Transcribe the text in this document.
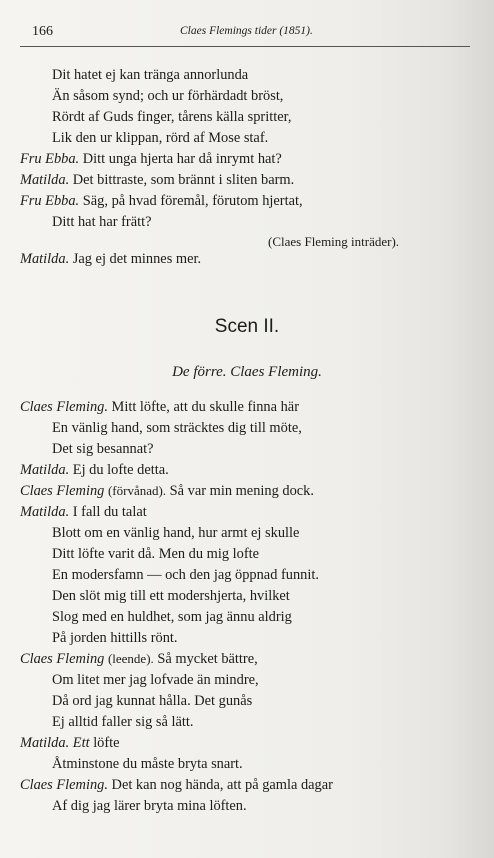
166	Claes Flemings tider (1851).
Dit hatet ej kan tränga annorlunda
Än såsom synd; och ur förhärdadt bröst,
Rördt af Guds finger, tårens källa spritter,
Lik den ur klippan, rörd af Mose staf.
Fru Ebba. Ditt unga hjerta har då inrymt hat?
Matilda. Det bittraste, som brännt i sliten barm.
Fru Ebba. Säg, på hvad föremål, förutom hjertat,
Ditt hat har frätt?
(Claes Fleming inträder).
Matilda. Jag ej det minnes mer.
Scen II.
De förre. Claes Fleming.
Claes Fleming. Mitt löfte, att du skulle finna här
En vänlig hand, som sträcktes dig till möte,
Det sig besannat?
Matilda. Ej du lofte detta.
Claes Fleming (förvånad). Så var min mening dock.
Matilda. I fall du talat
Blott om en vänlig hand, hur armt ej skulle
Ditt löfte varit då. Men du mig lofte
En modersfamn — och den jag öppnad funnit.
Den slöt mig till ett modershjerta, hvilket
Slog med en huldhet, som jag ännu aldrig
På jorden hittills rönt.
Claes Fleming (leende). Så mycket bättre,
Om litet mer jag lofvade än mindre,
Då ord jag kunnat hålla. Det gunås
Ej alltid faller sig så lätt.
Matilda. Ett löfte
Åtminstone du måste bryta snart.
Claes Fleming. Det kan nog hända, att på gamla dagar
Af dig jag lärer bryta mina löften.
